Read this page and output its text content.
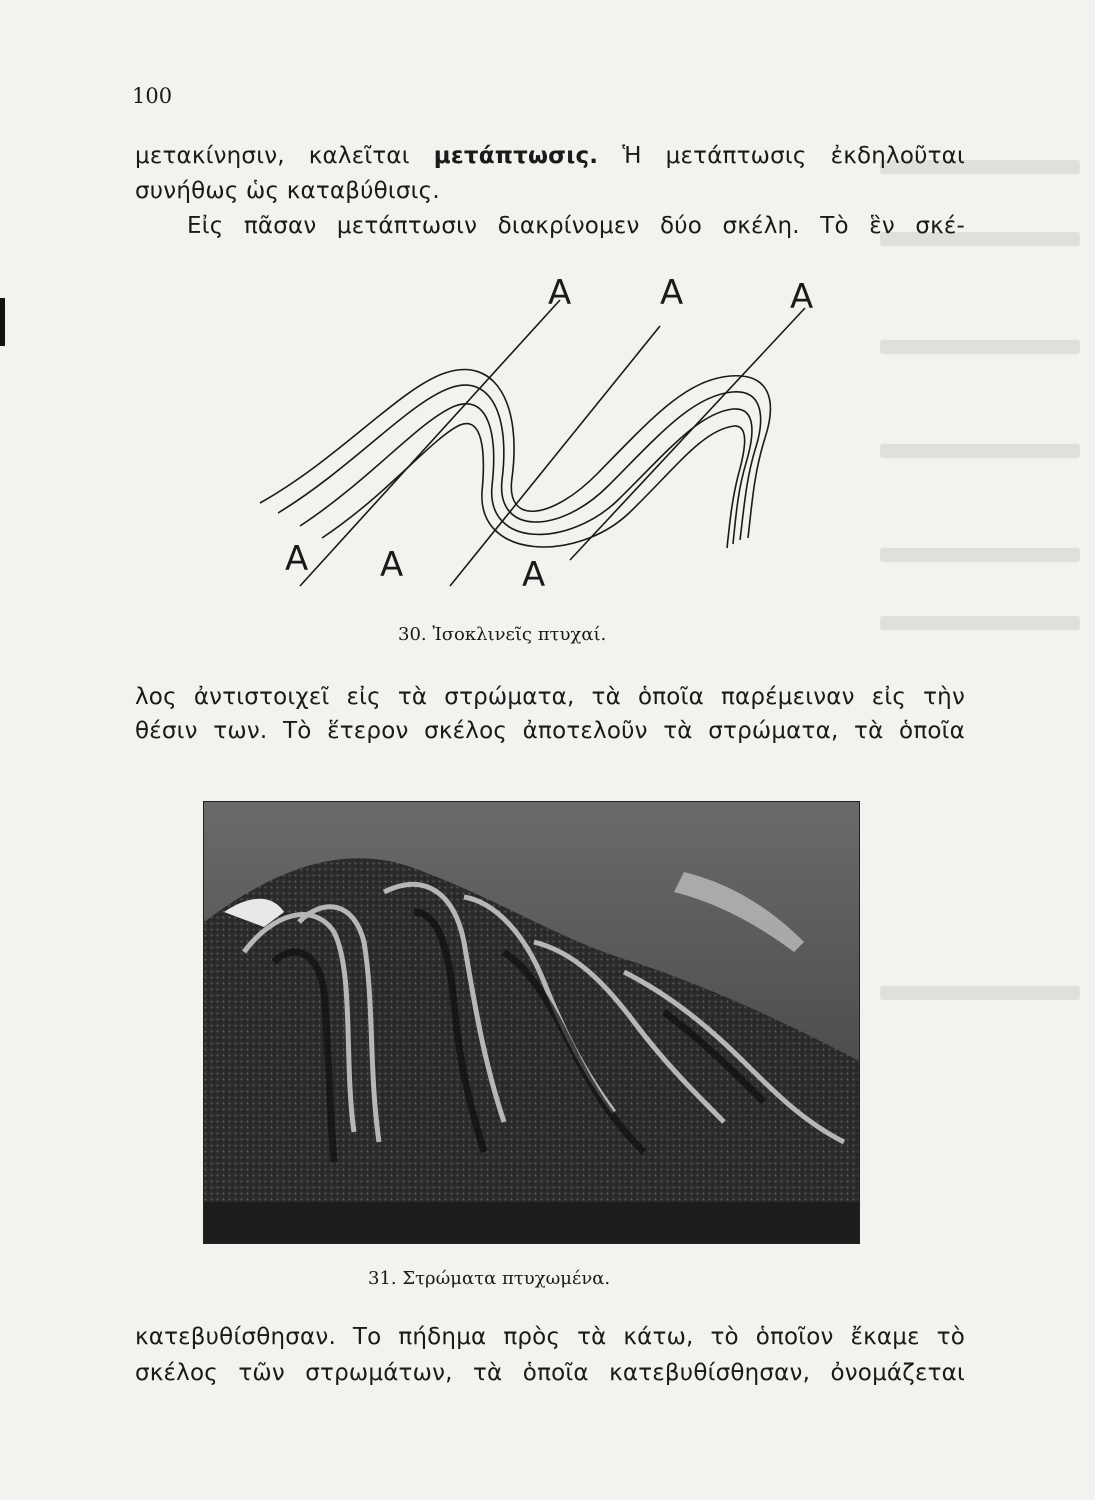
100
μετακίνησιν, καλεῖται μετάπτωσις. Ἡ μετάπτωσις ἐκδηλοῦται
συνήθως ὡς καταβύθισις.
Εἰς πᾶσαν μετάπτωσιν διακρίνομεν δύο σκέλη. Τὸ ἓν σκέ-
A	A	A
A A	A
30. Ἰσοκλινεῖς πτυχαί.
λος ἀντιστοιχεῖ εἰς τὰ στρώματα, τὰ ὁποῖα παρέμειναν εἰς τὴν
θέσιν των. Τὸ ἕτερον σκέλος ἀποτελοῦν τὰ στρώματα, τὰ ὁποῖα
31. Στρώματα πτυχωμένα.
κατεβυθίσθησαν. Το πήδημα πρὸς τὰ κάτω, τὸ ὁποῖον ἔκαμε τὸ
σκέλος τῶν στρωμάτων, τὰ ὁποῖα κατεβυθίσθησαν, ὀνομάζεται
